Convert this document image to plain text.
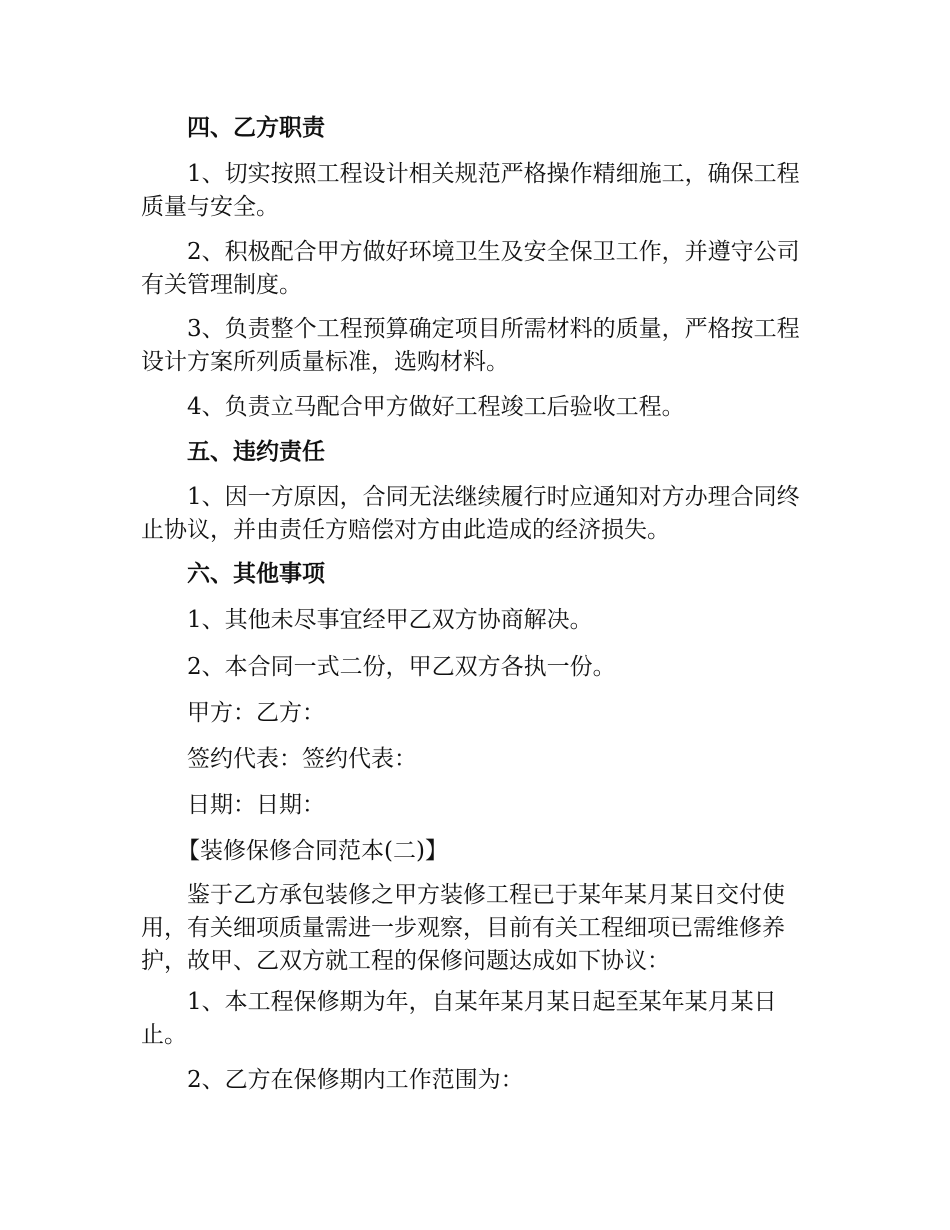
四、乙方职责
1、切实按照工程设计相关规范严格操作精细施工，确保工程质量与安全。
2、积极配合甲方做好环境卫生及安全保卫工作，并遵守公司有关管理制度。
3、负责整个工程预算确定项目所需材料的质量，严格按工程设计方案所列质量标准，选购材料。
4、负责立马配合甲方做好工程竣工后验收工程。
五、违约责任
1、因一方原因，合同无法继续履行时应通知对方办理合同终止协议，并由责任方赔偿对方由此造成的经济损失。
六、其他事项
1、其他未尽事宜经甲乙双方协商解决。
2、本合同一式二份，甲乙双方各执一份。
甲方：乙方：
签约代表：签约代表：
日期：日期：
【装修保修合同范本(二)】
鉴于乙方承包装修之甲方装修工程已于某年某月某日交付使用，有关细项质量需进一步观察，目前有关工程细项已需维修养护，故甲、乙双方就工程的保修问题达成如下协议：
1、本工程保修期为年，自某年某月某日起至某年某月某日止。
2、乙方在保修期内工作范围为：
